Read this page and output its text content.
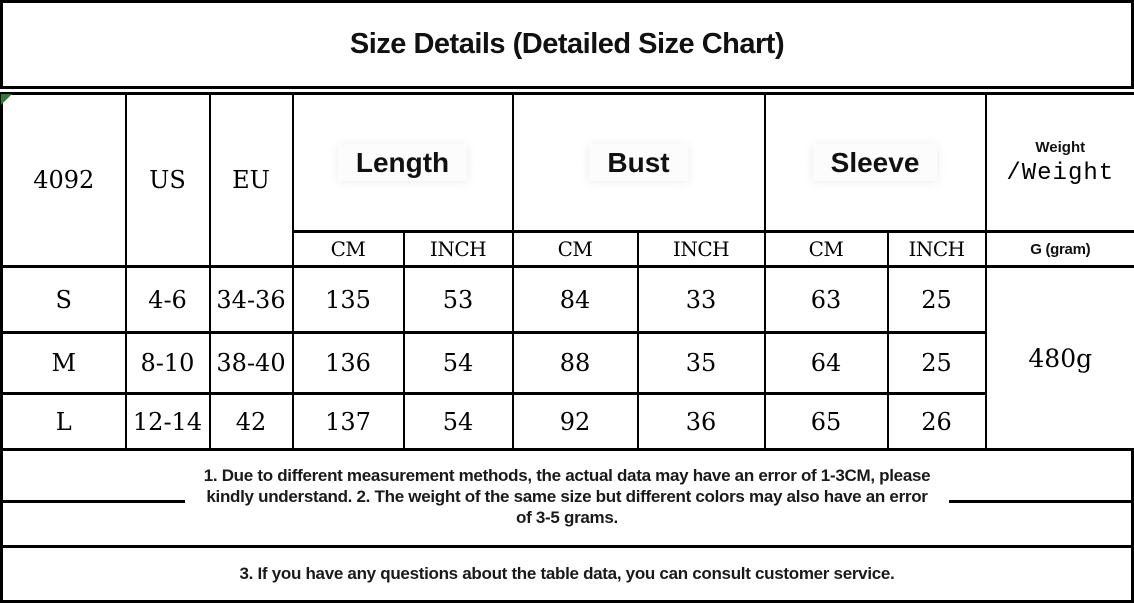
Size Details (Detailed Size Chart)
4092	US	EU	Length		Bust		Sleeve		Weight
/Weight

			CM	INCH	CM	INCH	CM	INCH	G (gram)
S	4-6	34-36	135	53	84	33	63	25	480g
M	8-10	38-40	136	54	88	35	64	25	
L	12-14	42	137	54	92	36	65	26	
1. Due to different measurement methods, the actual data may have an error of 1-3CM, please
kindly understand. 2. The weight of the same size but different colors may also have an error
of 3-5 grams.

3. If you have any questions about the table data, you can consult customer service.
